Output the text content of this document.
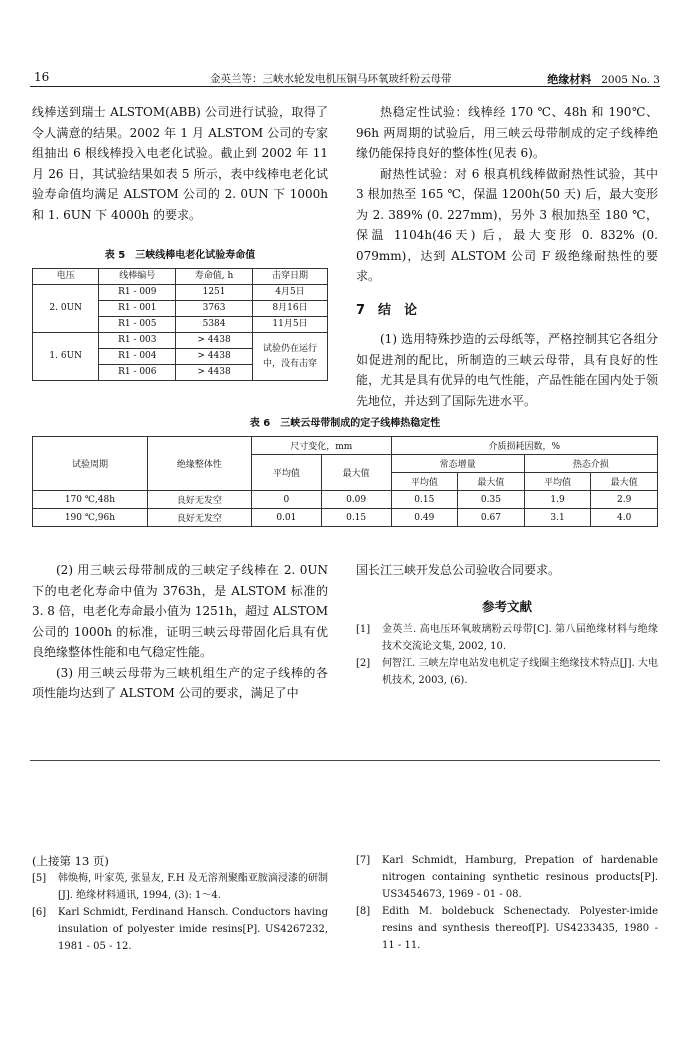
16	金英兰等：三峡水轮发电机压铜马环氧玻纤粉云母带	绝缘材料 2005 No. 3

线棒送到瑞士 ALSTOM(ABB) 公司进行试验，取得了令人满意的结果。2002 年 1 月 ALSTOM 公司的专家组抽出 6 根线棒投入电老化试验。截止到 2002 年 11 月 26 日，其试验结果如表 5 所示，表中线棒电老化试验寿命值均满足 ALSTOM 公司的 2. 0UN 下 1000h 和 1. 6UN 下 4000h 的要求。

表 5　三峡线棒电老化试验寿命值
电压	线棒编号	寿命值, h	击穿日期
2. 0UN	R1 - 009	1251	4月5日
	R1 - 001	3763	8月16日
	R1 - 005	5384	11月5日
1. 6UN	R1 - 003	> 4438	试验仍在运行中，没有击穿
	R1 - 004	> 4438	
	R1 - 006	> 4438	

热稳定性试验：线棒经 170 ℃、48h 和 190℃、96h 两周期的试验后，用三峡云母带制成的定子线棒绝缘仍能保持良好的整体性(见表 6)。

耐热性试验：对 6 根真机线棒做耐热性试验，其中 3 根加热至 165 ℃，保温 1200h(50 天) 后，最大变形为 2. 389% (0. 227mm)，另外 3 根加热至 180 ℃，保温 1104h(46天) 后，最大变形 0. 832% (0. 079mm)，达到 ALSTOM 公司 F 级绝缘耐热性的要求。

7　结　论

(1) 选用特殊抄造的云母纸等，严格控制其它各组分如促进剂的配比，所制造的三峡云母带，具有良好的性能，尤其是具有优异的电气性能，产品性能在国内处于领先地位，并达到了国际先进水平。

表 6　三峡云母带制成的定子线棒热稳定性
试验周期	绝缘整体性	尺寸变化，mm		介质损耗因数，%			
		平均值	最大值	常态增量		热态介损	
				平均值	最大值	平均值	最大值
170 ℃,48h	良好无发空	0	0.09	0.15	0.35	1.9	2.9
190 ℃,96h	良好无发空	0.01	0.15	0.49	0.67	3.1	4.0

(2) 用三峡云母带制成的三峡定子线棒在 2. 0UN 下的电老化寿命中值为 3763h，是 ALSTOM 标准的 3. 8 倍，电老化寿命最小值为 1251h，超过 ALSTOM 公司的 1000h 的标准，证明三峡云母带固化后具有优良绝缘整体性能和电气稳定性能。

(3) 用三峡云母带为三峡机组生产的定子线棒的各项性能均达到了 ALSTOM 公司的要求，满足了中

国长江三峡开发总公司验收合同要求。

参考文献
[1]	金英兰. 高电压环氧玻璃粉云母带[C]. 第八届绝缘材料与绝缘技术交流论文集, 2002, 10.
[2]	何智江. 三峡左岸电站发电机定子线圈主绝缘技术特点[J]. 大电机技术, 2003, (6).

(上接第 13 页)

[5]	韩焕梅, 叶家英, 张显友, F.H 及无溶剂聚酯亚胺滴浸漆的研制[J]. 绝缘材料通讯, 1994, (3): 1～4.
[6]	Karl Schmidt, Ferdinand Hansch. Conductors having insulation of polyester imide resins[P]. US4267232, 1981 - 05 - 12.
[7]	Karl Schmidt, Hamburg, Prepation of hardenable nitrogen containing synthetic resinous products[P]. US3454673, 1969 - 01 - 08.
[8]	Edith M. boldebuck Schenectady. Polyester-imide resins and synthesis thereof[P]. US4233435, 1980 - 11 - 11.
